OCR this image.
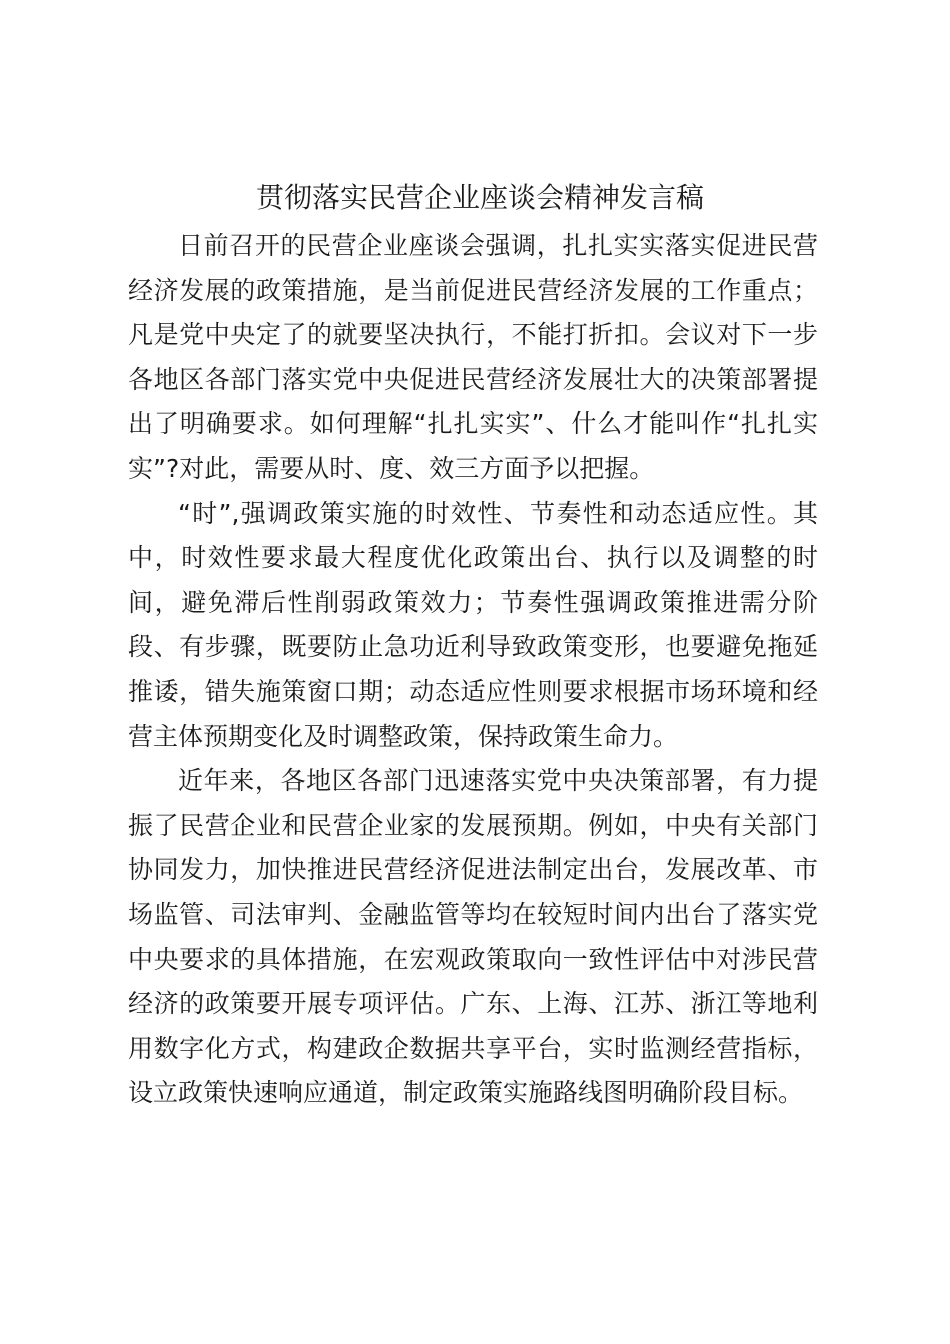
贯彻落实民营企业座谈会精神发言稿

日前召开的民营企业座谈会强调，扎扎实实落实促进民营经济发展的政策措施，是当前促进民营经济发展的工作重点；凡是党中央定了的就要坚决执行，不能打折扣。会议对下一步各地区各部门落实党中央促进民营经济发展壮大的决策部署提出了明确要求。如何理解“扎扎实实”、什么才能叫作“扎扎实实”?对此，需要从时、度、效三方面予以把握。

“时”,强调政策实施的时效性、节奏性和动态适应性。其中，时效性要求最大程度优化政策出台、执行以及调整的时间，避免滞后性削弱政策效力；节奏性强调政策推进需分阶段、有步骤，既要防止急功近利导致政策变形，也要避免拖延推诿，错失施策窗口期；动态适应性则要求根据市场环境和经营主体预期变化及时调整政策，保持政策生命力。

近年来，各地区各部门迅速落实党中央决策部署，有力提振了民营企业和民营企业家的发展预期。例如，中央有关部门协同发力，加快推进民营经济促进法制定出台，发展改革、市场监管、司法审判、金融监管等均在较短时间内出台了落实党中央要求的具体措施，在宏观政策取向一致性评估中对涉民营经济的政策要开展专项评估。广东、上海、江苏、浙江等地利用数字化方式，构建政企数据共享平台，实时监测经营指标，设立政策快速响应通道，制定政策实施路线图明确阶段目标。
